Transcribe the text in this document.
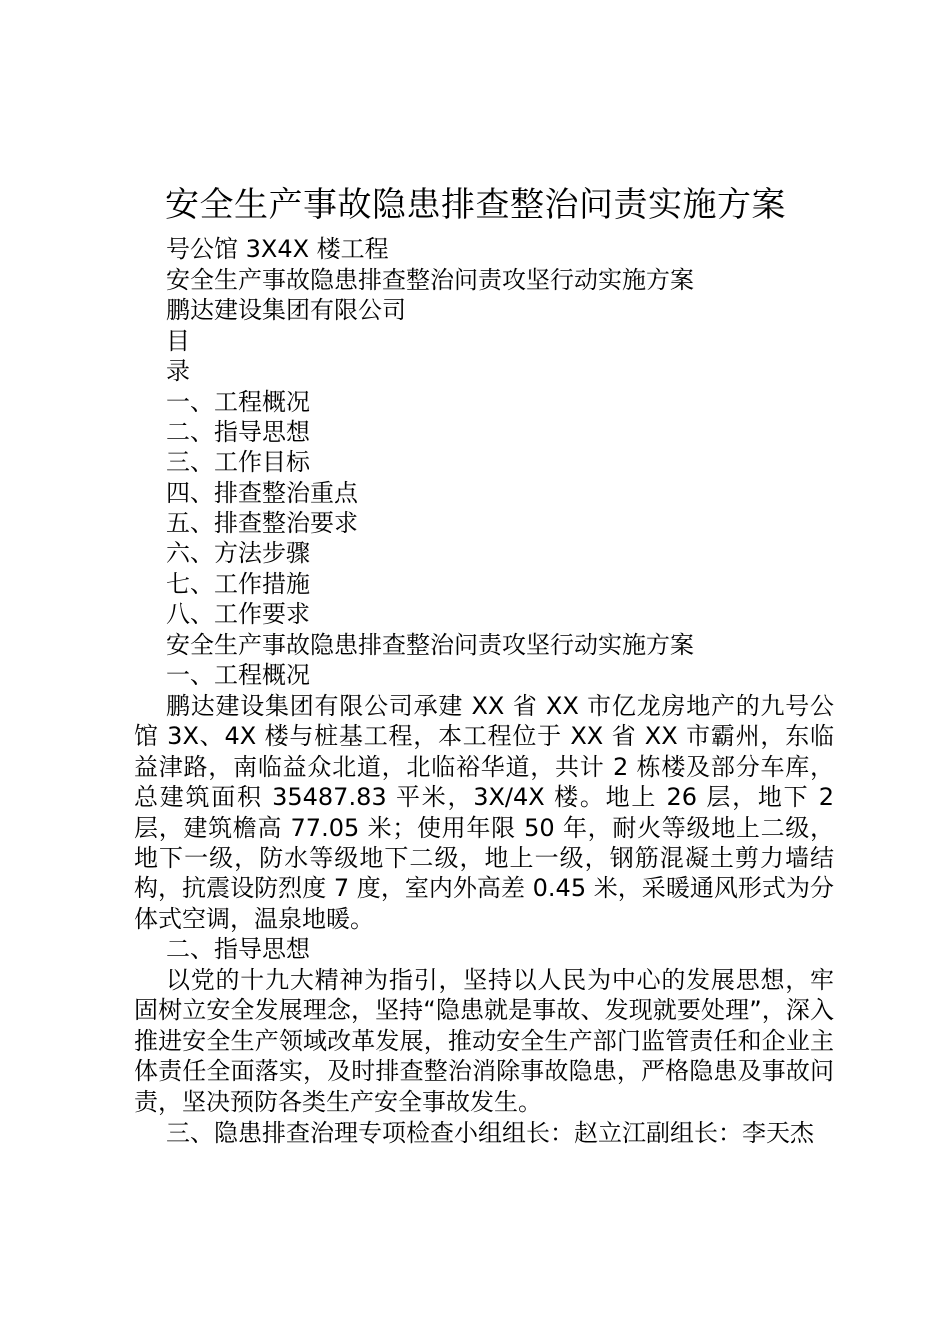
安全生产事故隐患排查整治问责实施方案
号公馆 3X4X 楼工程
安全生产事故隐患排查整治问责攻坚行动实施方案
鹏达建设集团有限公司
目
录
一、工程概况
二、指导思想
三、工作目标
四、排查整治重点
五、排查整治要求
六、方法步骤
七、工作措施
八、工作要求
安全生产事故隐患排查整治问责攻坚行动实施方案
一、工程概况

鹏达建设集团有限公司承建 XX 省 XX 市亿龙房地产的九号公馆 3X、4X 楼与桩基工程，本工程位于 XX 省 XX 市霸州，东临益津路，南临益众北道，北临裕华道，共计 2 栋楼及部分车库，总建筑面积 35487.83 平米，3X/4X 楼。地上 26 层，地下 2 层，建筑檐高 77.05 米；使用年限 50 年，耐火等级地上二级，地下一级，防水等级地下二级，地上一级，钢筋混凝土剪力墙结构，抗震设防烈度 7 度，室内外高差 0.45 米，采暖通风形式为分体式空调，温泉地暖。

二、指导思想

以党的十九大精神为指引，坚持以人民为中心的发展思想，牢固树立安全发展理念，坚持“隐患就是事故、发现就要处理”，深入推进安全生产领域改革发展，推动安全生产部门监管责任和企业主体责任全面落实，及时排查整治消除事故隐患，严格隐患及事故问责，坚决预防各类生产安全事故发生。

三、隐患排查治理专项检查小组组长：赵立江副组长：李天杰
